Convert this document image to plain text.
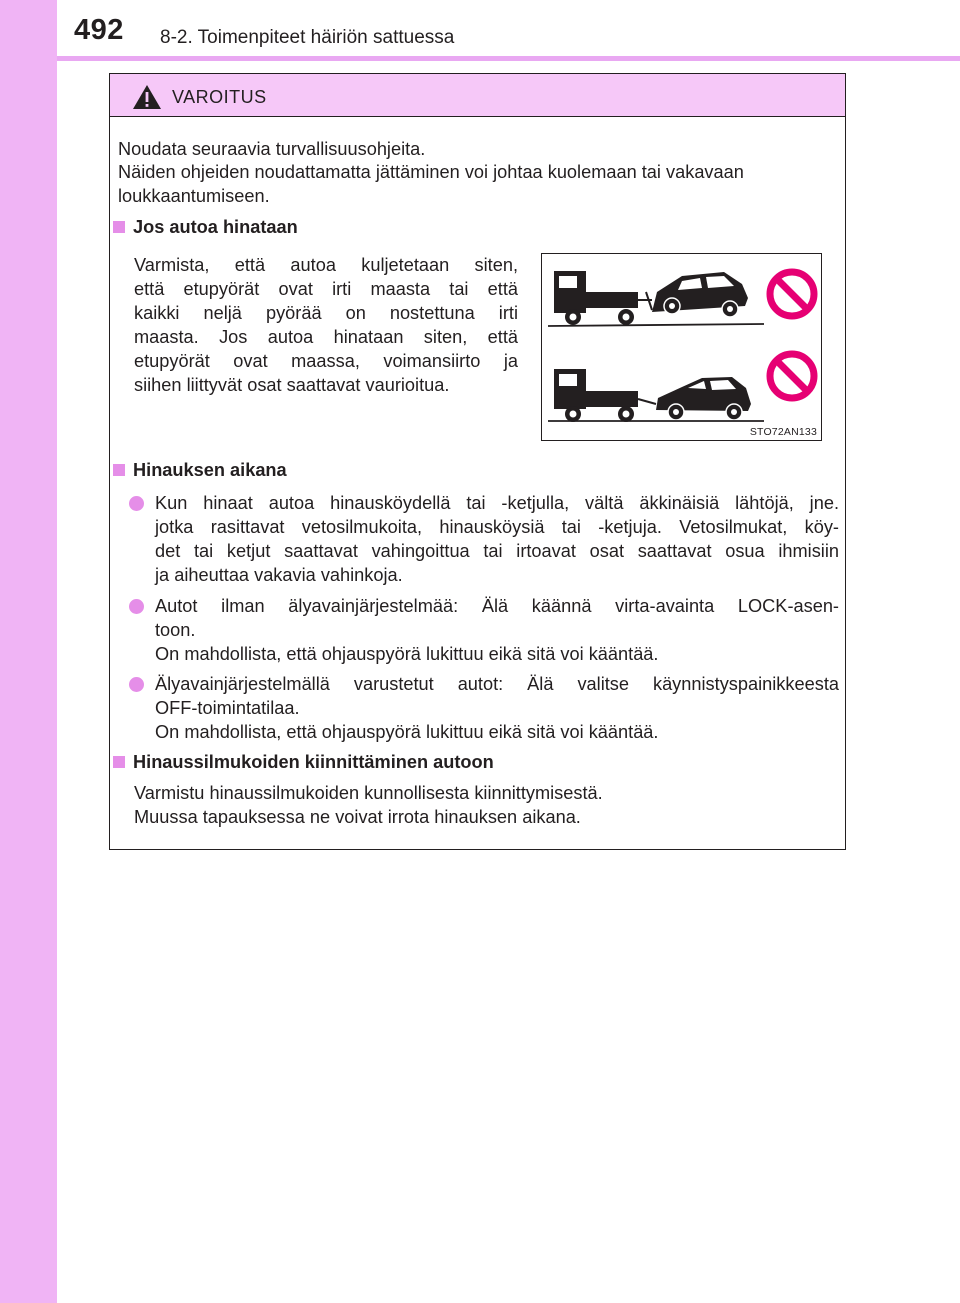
492 8-2. Toimenpiteet häiriön sattuessa
VAROITUS

Noudata seuraavia turvallisuusohjeita.

Näiden ohjeiden noudattamatta jättäminen voi johtaa kuolemaan tai vakavaan

loukkaantumiseen.

Jos autoa hinataan

Varmista, että autoa kuljetetaan siten,

että etupyörät ovat irti maasta tai että

kaikki neljä pyörää on nostettuna irti

maasta. Jos autoa hinataan siten, että

etupyörät ovat maassa, voimansiirto ja

siihen liittyvät osat saattavat vaurioitua.

Hinauksen aikana

Kun hinaat autoa hinausköydellä tai -ketjulla, vältä äkkinäisiä lähtöjä, jne.

jotka rasittavat vetosilmukoita, hinausköysiä tai -ketjuja. Vetosilmukat, köy-

det tai ketjut saattavat vahingoittua tai irtoavat osat saattavat osua ihmisiin

ja aiheuttaa vakavia vahinkoja.

Autot ilman älyavainjärjestelmää: Älä käännä virta-avainta LOCK-asen-

toon.

On mahdollista, että ohjauspyörä lukittuu eikä sitä voi kääntää.

Älyavainjärjestelmällä varustetut autot: Älä valitse käynnistyspainikkeesta

OFF-toimintatilaa.

On mahdollista, että ohjauspyörä lukittuu eikä sitä voi kääntää.

Hinaussilmukoiden kiinnittäminen autoon

Varmistu hinaussilmukoiden kunnollisesta kiinnittymisestä.

Muussa tapauksessa ne voivat irrota hinauksen aikana.

STO72AN133
